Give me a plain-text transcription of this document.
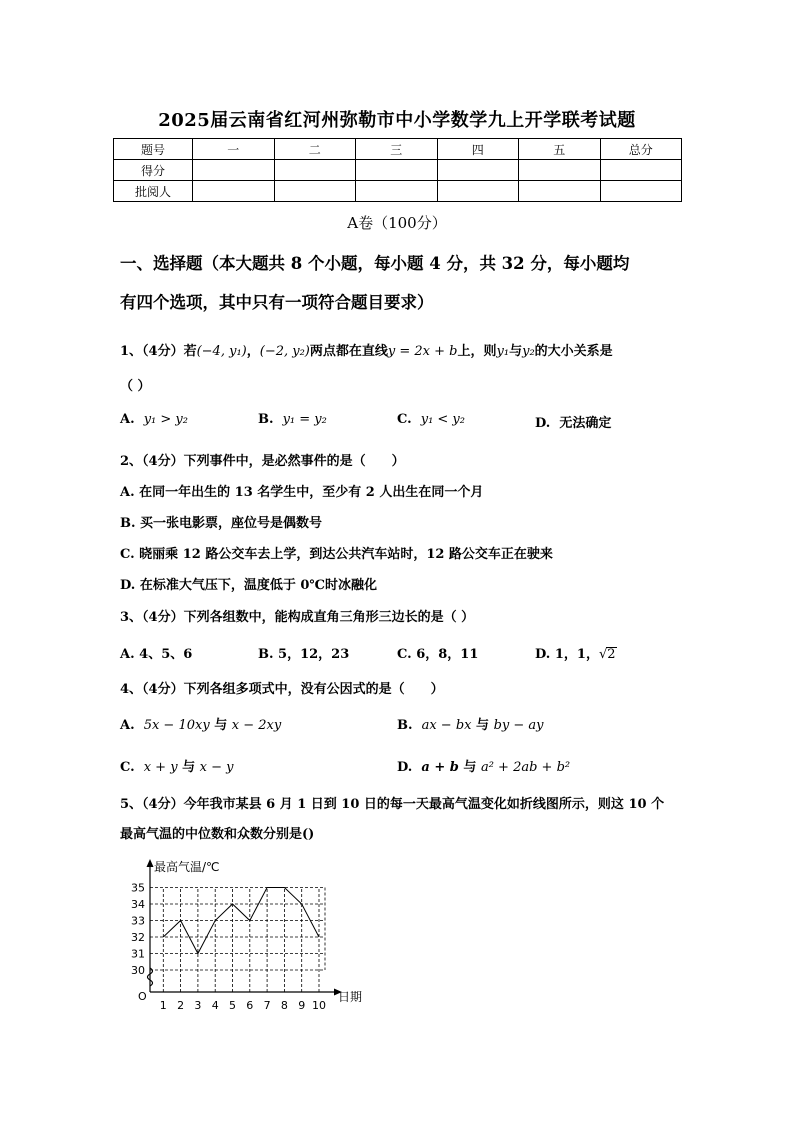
2025届云南省红河州弥勒市中小学数学九上开学联考试题
题号	一	二	三	四	五	总分
得分						
批阅人						
A卷（100分）
一、选择题（本大题共 8 个小题，每小题 4 分，共 32 分，每小题均
有四个选项，其中只有一项符合题目要求）
1、（4分）若(−4, y₁)，(−2, y₂)两点都在直线y = 2x + b上，则y₁与y₂的大小关系是
（ ）
A. y₁ > y₂	B. y₁ = y₂	C. y₁ < y₂	D. 无法确定
2、（4分）下列事件中，是必然事件的是（　　）
A. 在同一年出生的 13 名学生中，至少有 2 人出生在同一个月
B. 买一张电影票，座位号是偶数号
C. 晓丽乘 12 路公交车去上学，到达公共汽车站时，12 路公交车正在驶来
D. 在标准大气压下，温度低于 0℃时冰融化
3、（4分）下列各组数中，能构成直角三角形三边长的是（ ）
A. 4、5、6	B. 5，12，23	C. 6，8，11	D. 1，1，√2
4、（4分）下列各组多项式中，没有公因式的是（　　）
A. 5x − 10xy 与 x − 2xy	B. ax − bx 与 by − ay
C. x + y 与 x − y	D. a + b 与 a² + 2ab + b²
5、（4分）今年我市某县 6 月 1 日到 10 日的每一天最高气温变化如折线图所示，则这 10 个
最高气温的中位数和众数分别是()
30
31
32
33
34
35
1 2 3 4 5 6 7 8 9 10
O
最高气温/℃
日期
